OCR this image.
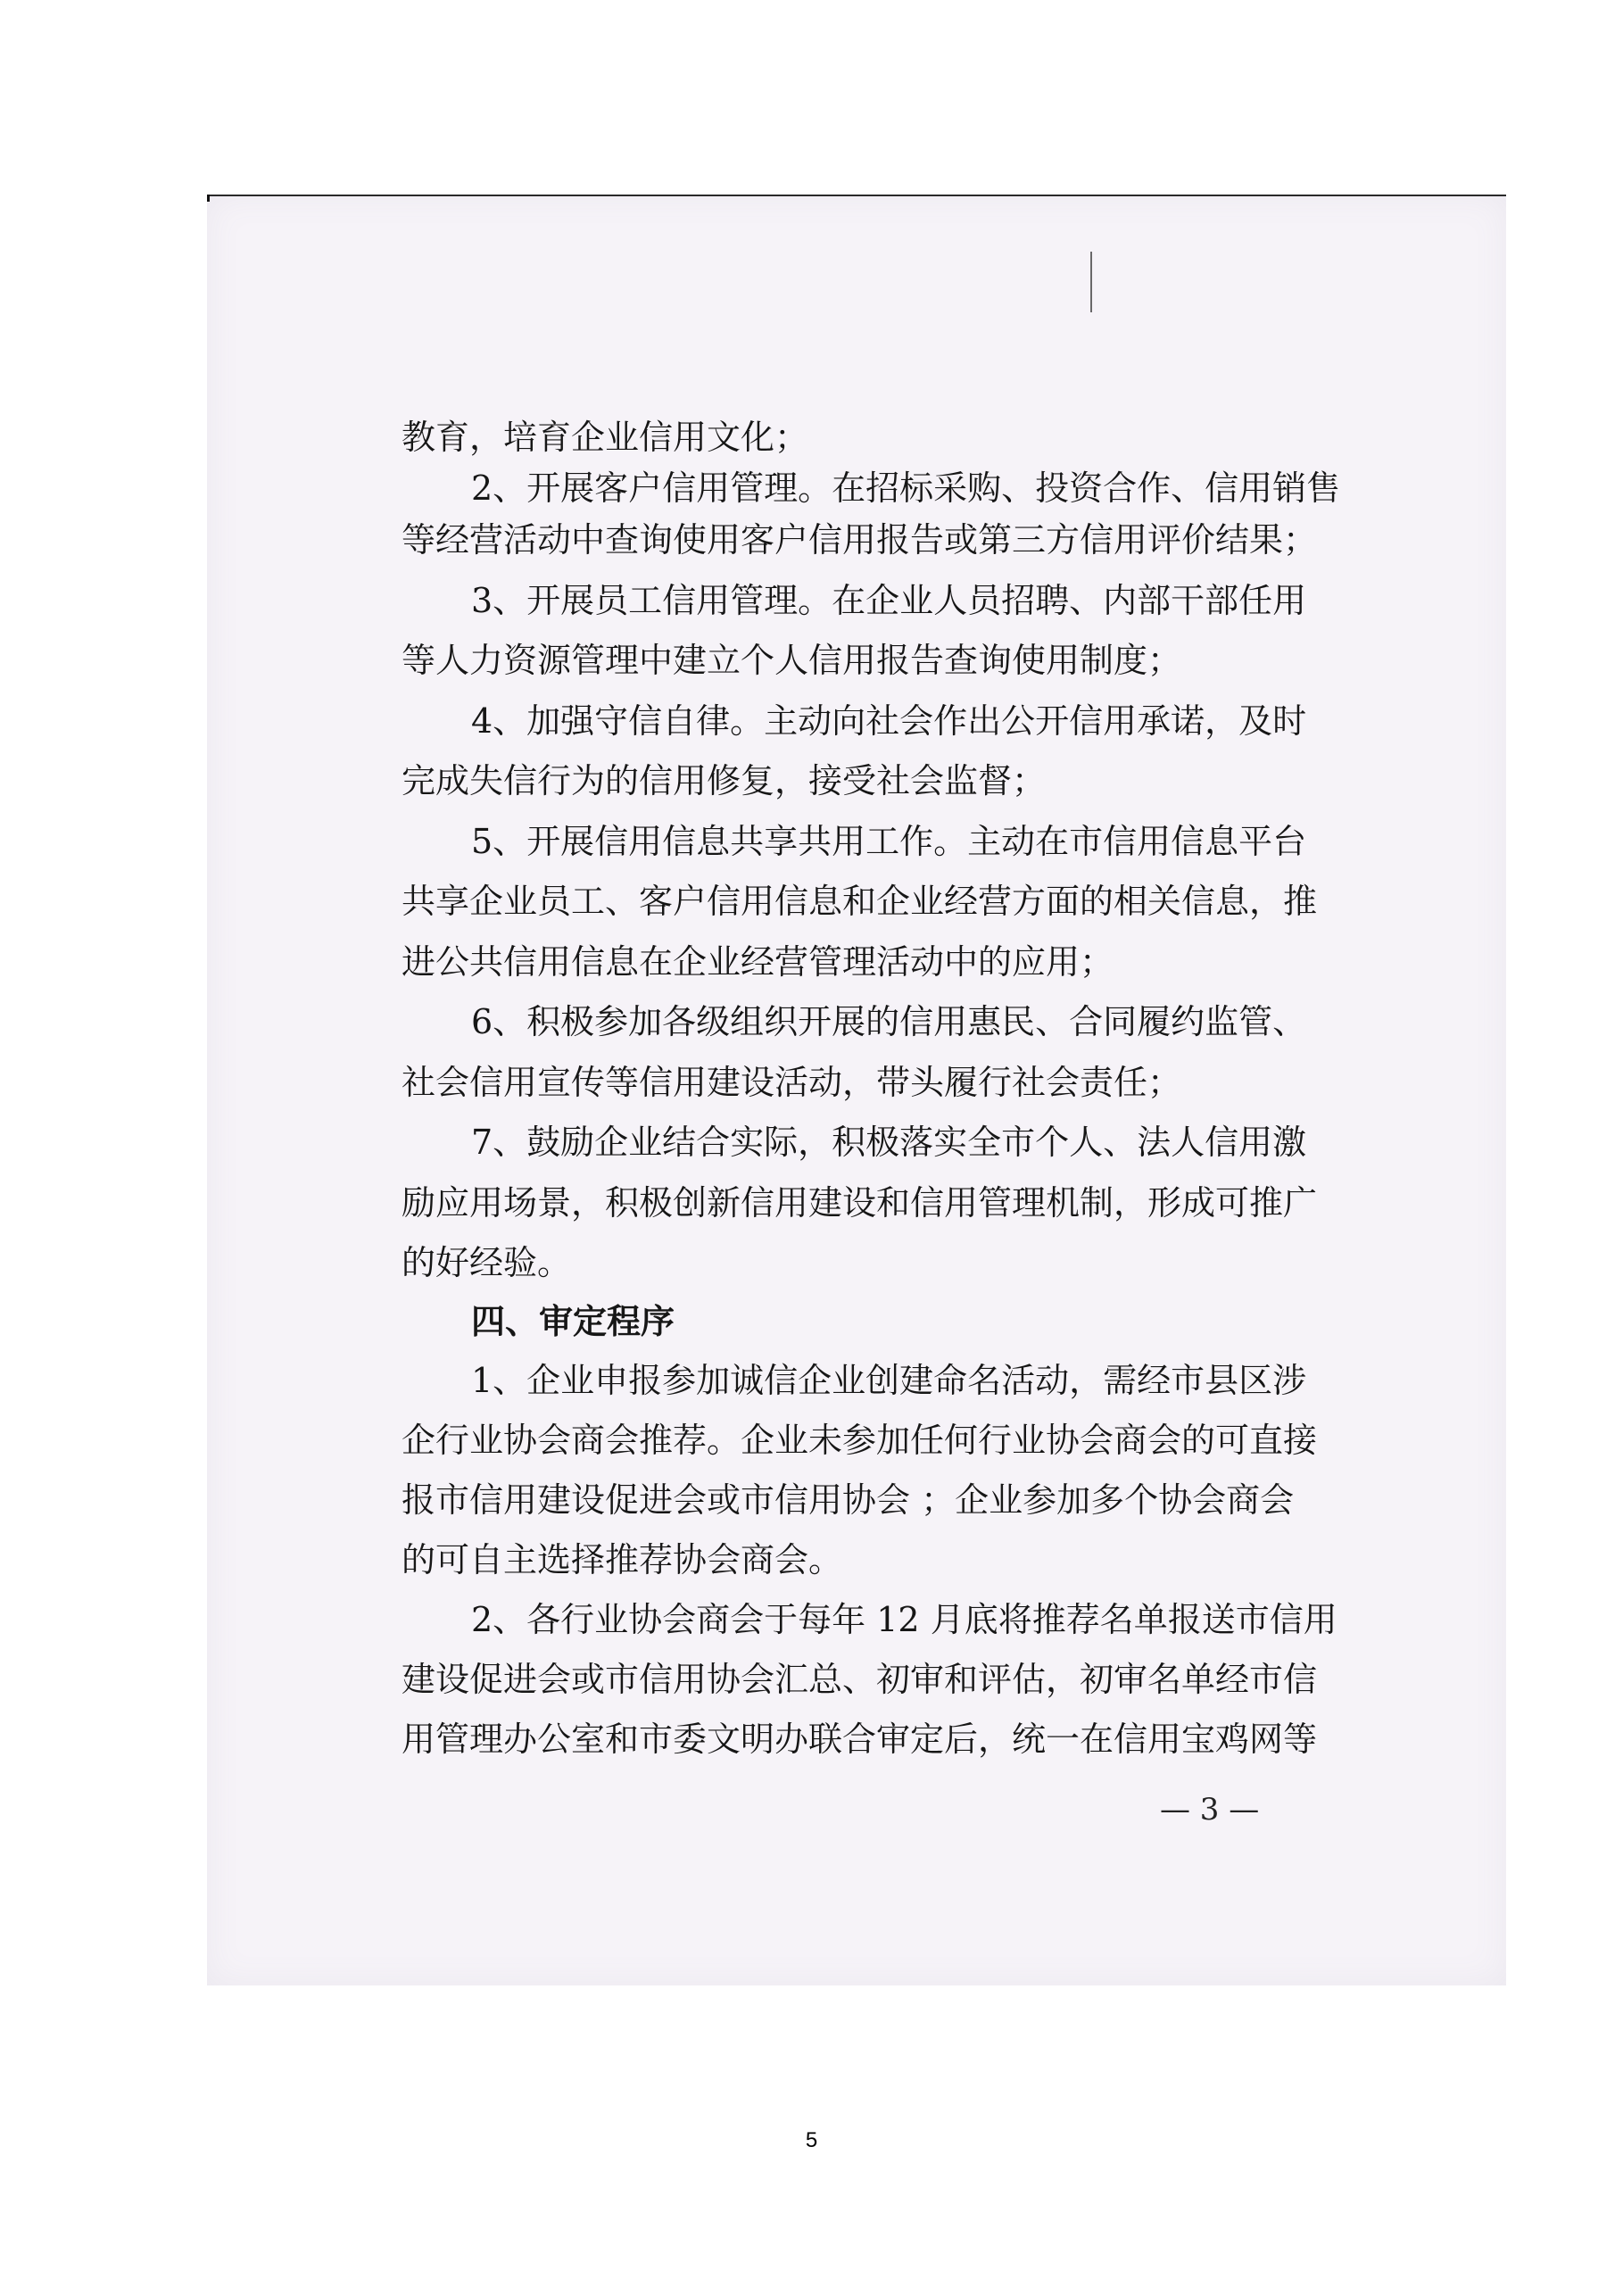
教育，培育企业信用文化；
2、开展客户信用管理。在招标采购、投资合作、信用销售
等经营活动中查询使用客户信用报告或第三方信用评价结果；
3、开展员工信用管理。在企业人员招聘、内部干部任用
等人力资源管理中建立个人信用报告查询使用制度；
4、加强守信自律。主动向社会作出公开信用承诺，及时
完成失信行为的信用修复，接受社会监督；
5、开展信用信息共享共用工作。主动在市信用信息平台
共享企业员工、客户信用信息和企业经营方面的相关信息，推
进公共信用信息在企业经营管理活动中的应用；
6、积极参加各级组织开展的信用惠民、合同履约监管、
社会信用宣传等信用建设活动，带头履行社会责任；
7、鼓励企业结合实际，积极落实全市个人、法人信用激
励应用场景，积极创新信用建设和信用管理机制，形成可推广
的好经验。
四、审定程序
1、企业申报参加诚信企业创建命名活动，需经市县区涉
企行业协会商会推荐。企业未参加任何行业协会商会的可直接
报市信用建设促进会或市信用协会 ；企业参加多个协会商会
的可自主选择推荐协会商会。
2、各行业协会商会于每年 12 月底将推荐名单报送市信用
建设促进会或市信用协会汇总、初审和评估，初审名单经市信
用管理办公室和市委文明办联合审定后，统一在信用宝鸡网等
— 3 —
5
